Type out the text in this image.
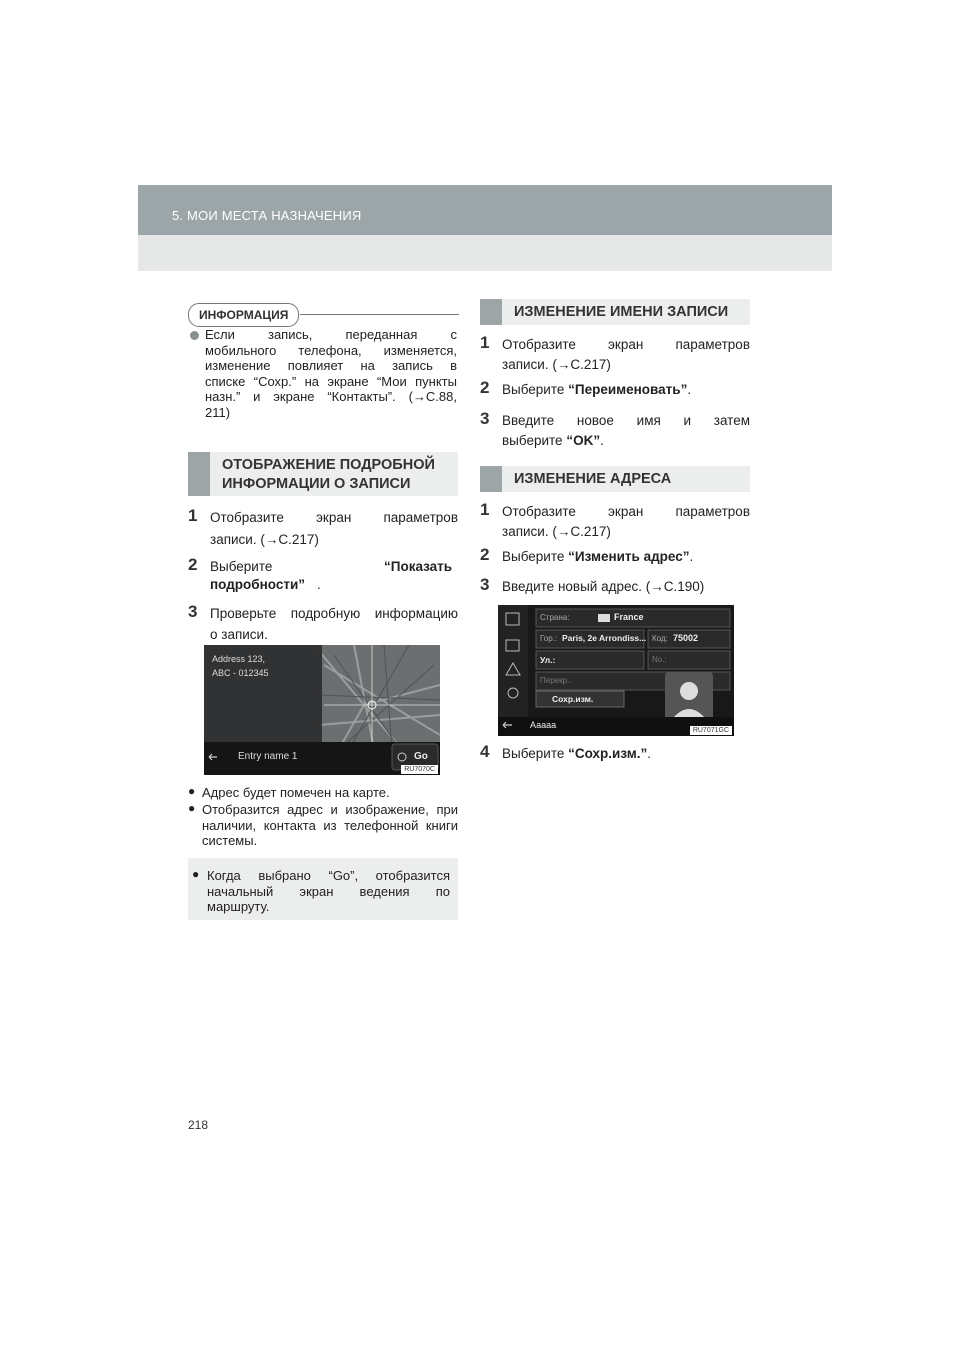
5. МОИ МЕСТА НАЗНАЧЕНИЯ
ИНФОРМАЦИЯ
Если запись, переданная с
мобильного телефона, изменяется,
изменение повлияет на запись в
списке “Сохр.” на экране “Мои пункты
назн.” и экране “Контакты”. (→С.88,
211)
ОТОБРАЖЕНИЕ ПОДРОБНОЙ
ИНФОРМАЦИИ О ЗАПИСИ
1 Отобразите экран параметров
записи. (→С.217)
2 Выберите	“Показать
подробности” .
3 Проверьте подробную информацию
о записи.
Address 123,
ABC - 012345
Entry name 1	Go
RU7070C
● Адрес будет помечен на карте.
● Отобразится адрес и изображение, при
наличии, контакта из телефонной книги
системы.
● Когда выбрано “Go”, отобразится
начальный экран ведения по
маршруту.
ИЗМЕНЕНИЕ ИМЕНИ ЗАПИСИ
1 Отобразите экран параметров
записи. (→С.217)
2 Выберите “Переименовать”.
3 Введите новое имя и затем
выберите “OK”.
ИЗМЕНЕНИЕ АДРЕСА
1 Отобразите экран параметров
записи. (→С.217)
2 Выберите “Изменить адрес”.
3 Введите новый адрес. (→С.190)
Страна:	France
Гор.: Paris, 2e Arrondiss... Код: 75002
Ул.:	No.:
Перекр..
Сохр.изм.
Ааааа
RU7071GC
4 Выберите “Сохр.изм.”.
218
